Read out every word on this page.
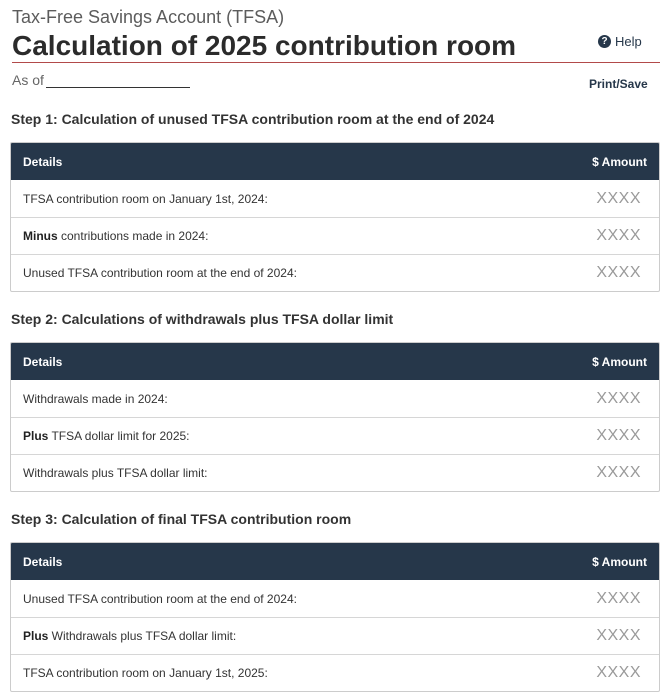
Tax-Free Savings Account (TFSA)
Calculation of 2025 contribution room	? Help
As of	Print/Save
Step 1: Calculation of unused TFSA contribution room at the end of 2024
Details	$ Amount
TFSA contribution room on January 1st, 2024:	XXXX
Minus contributions made in 2024:	XXXX
Unused TFSA contribution room at the end of 2024:	XXXX
Step 2: Calculations of withdrawals plus TFSA dollar limit
Details	$ Amount
Withdrawals made in 2024:	XXXX
Plus TFSA dollar limit for 2025:	XXXX
Withdrawals plus TFSA dollar limit:	XXXX
Step 3: Calculation of final TFSA contribution room
Details	$ Amount
Unused TFSA contribution room at the end of 2024:	XXXX
Plus Withdrawals plus TFSA dollar limit:	XXXX
TFSA contribution room on January 1st, 2025:	XXXX
